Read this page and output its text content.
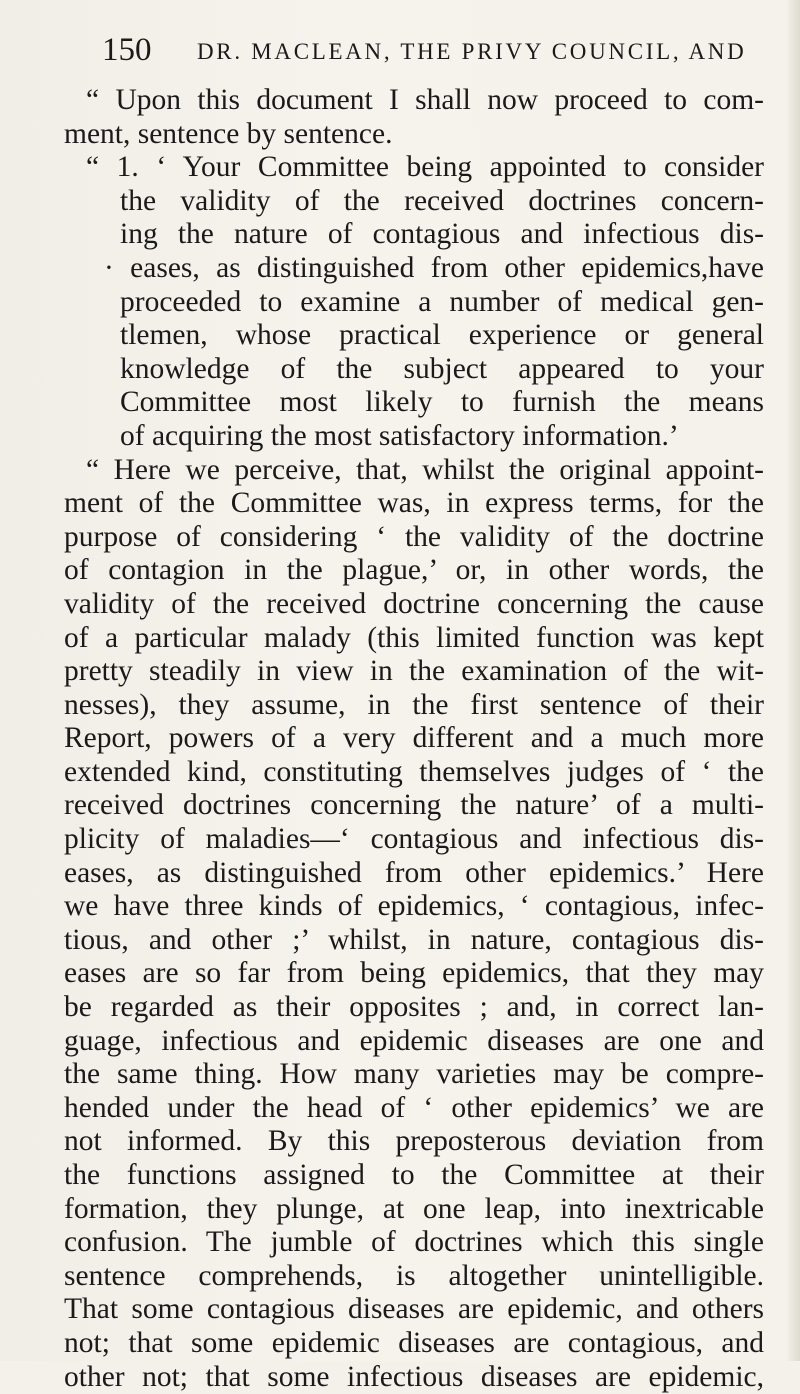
150 DR. MACLEAN, THE PRIVY COUNCIL, AND
“ Upon this document I shall now proceed to com-
ment, sentence by sentence.
“ 1. ‘ Your Committee being appointed to consider
the validity of the received doctrines concern-
ing the nature of contagious and infectious dis-
· eases, as distinguished from other epidemics,have
proceeded to examine a number of medical gen-
tlemen, whose practical experience or general
knowledge of the subject appeared to your
Committee most likely to furnish the means
of acquiring the most satisfactory information.’
“ Here we perceive, that, whilst the original appoint-
ment of the Committee was, in express terms, for the
purpose of considering ‘ the validity of the doctrine
of contagion in the plague,’ or, in other words, the
validity of the received doctrine concerning the cause
of a particular malady (this limited function was kept
pretty steadily in view in the examination of the wit-
nesses), they assume, in the first sentence of their
Report, powers of a very different and a much more
extended kind, constituting themselves judges of ‘ the
received doctrines concerning the nature’ of a multi-
plicity of maladies—‘ contagious and infectious dis-
eases, as distinguished from other epidemics.’ Here
we have three kinds of epidemics, ‘ contagious, infec-
tious, and other ;’ whilst, in nature, contagious dis-
eases are so far from being epidemics, that they may
be regarded as their opposites ; and, in correct lan-
guage, infectious and epidemic diseases are one and
the same thing. How many varieties may be compre-
hended under the head of ‘ other epidemics’ we are
not informed. By this preposterous deviation from
the functions assigned to the Committee at their
formation, they plunge, at one leap, into inextricable
confusion. The jumble of doctrines which this single
sentence comprehends, is altogether unintelligible.
That some contagious diseases are epidemic, and others
not; that some epidemic diseases are contagious, and
other not; that some infectious diseases are epidemic,
